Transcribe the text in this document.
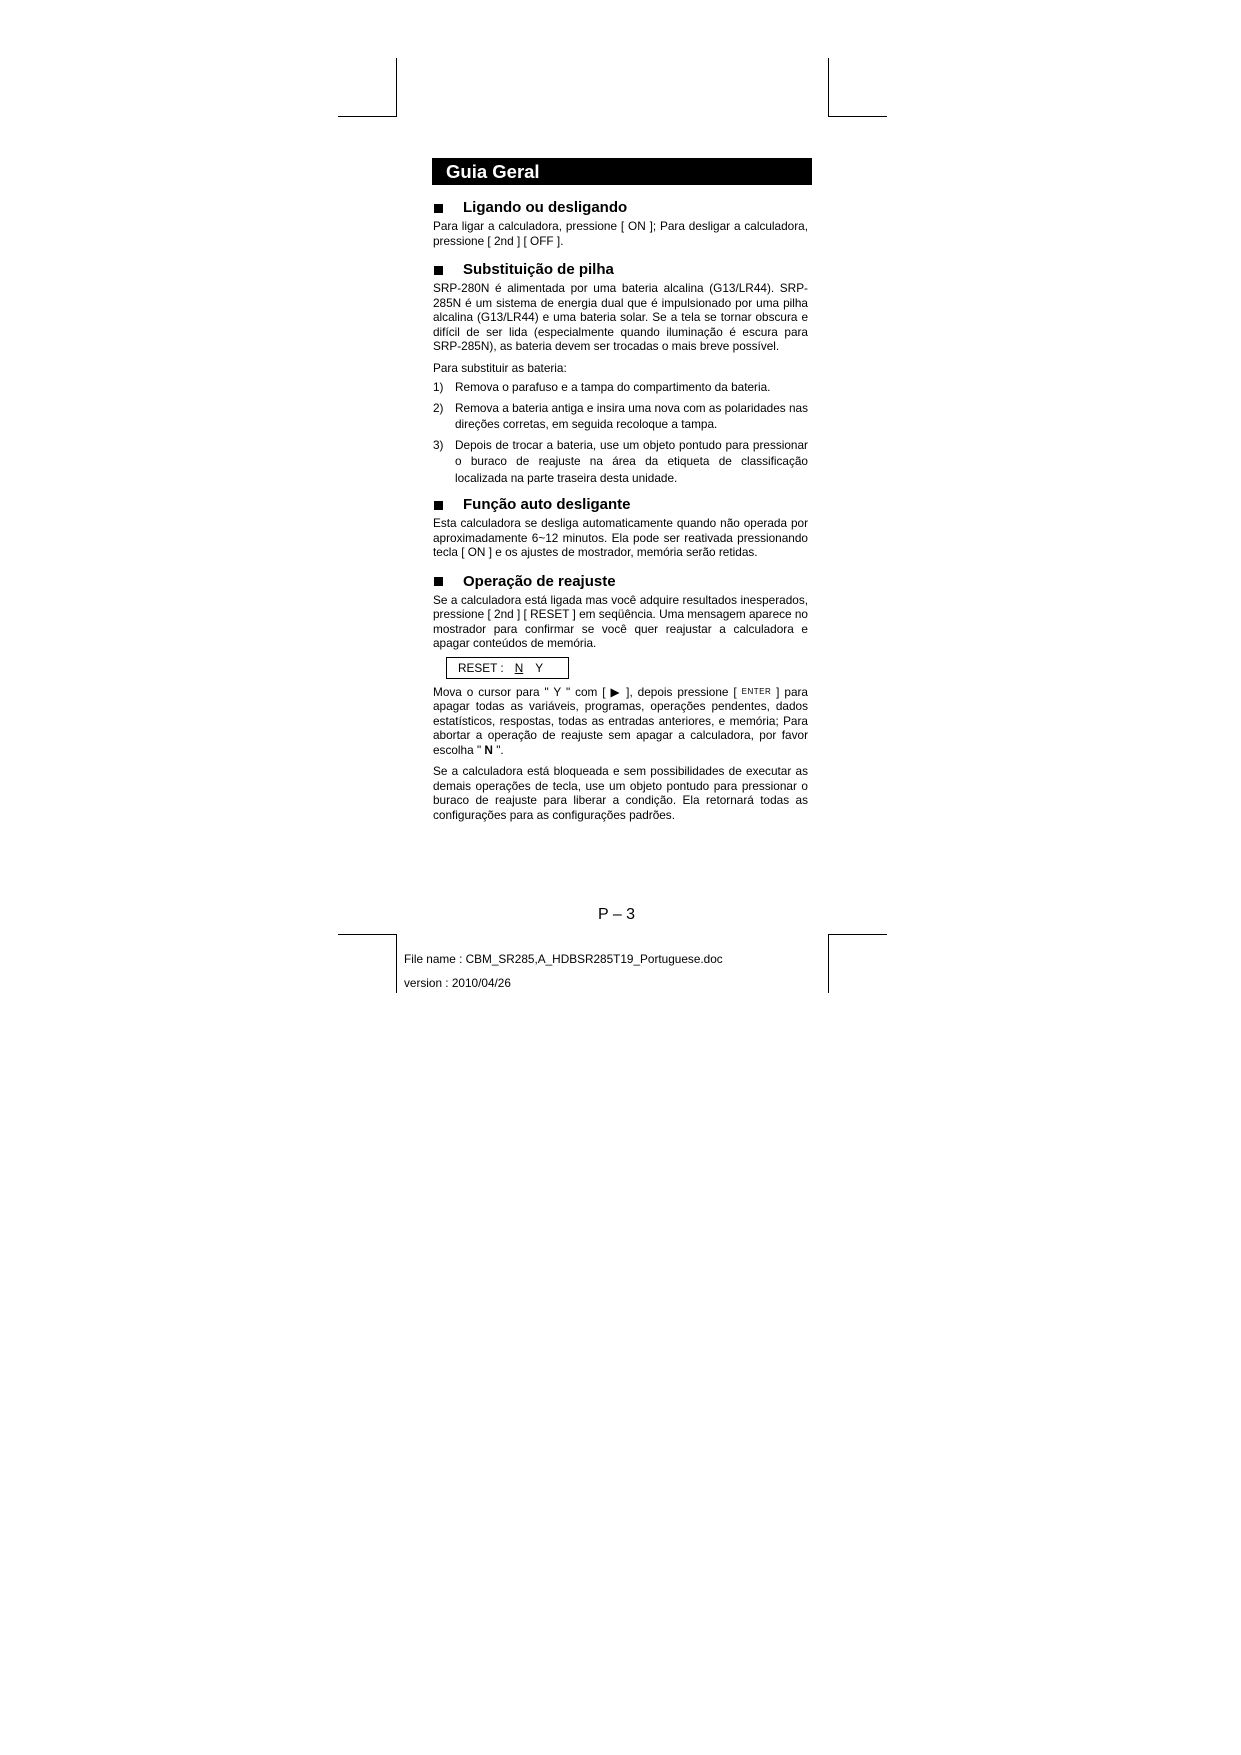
Guia Geral
Ligando ou desligando

Para ligar a calculadora, pressione [ ON ]; Para desligar a calculadora, pressione [ 2nd ] [ OFF ].

Substituição de pilha

SRP-280N é alimentada por uma bateria alcalina (G13/LR44). SRP-285N é um sistema de energia dual que é impulsionado por uma pilha alcalina (G13/LR44) e uma bateria solar. Se a tela se tornar obscura e difícil de ser lida (especialmente quando iluminação é escura para SRP-285N), as bateria devem ser trocadas o mais breve possível.

Para substituir as bateria:

1) Remova o parafuso e a tampa do compartimento da bateria.
2) Remova a bateria antiga e insira uma nova com as polaridades nas direções corretas, em seguida recoloque a tampa.
3) Depois de trocar a bateria, use um objeto pontudo para pressionar o buraco de reajuste na área da etiqueta de classificação localizada na parte traseira desta unidade.
Função auto desligante

Esta calculadora se desliga automaticamente quando não operada por aproximadamente 6~12 minutos. Ela pode ser reativada pressionando tecla [ ON ] e os ajustes de mostrador, memória serão retidas.

Operação de reajuste

Se a calculadora está ligada mas você adquire resultados inesperados, pressione [ 2nd ] [ RESET ] em seqüência. Uma mensagem aparece no mostrador para confirmar se você quer reajustar a calculadora e apagar conteúdos de memória.

RESET : N Y

Mova o cursor para " Y " com [ ▶ ], depois pressione [ ENTER ] para apagar todas as variáveis, programas, operações pendentes, dados estatísticos, respostas, todas as entradas anteriores, e memória; Para abortar a operação de reajuste sem apagar a calculadora, por favor escolha " N ".

Se a calculadora está bloqueada e sem possibilidades de executar as demais operações de tecla, use um objeto pontudo para pressionar o buraco de reajuste para liberar a condição. Ela retornará todas as configurações para as configurações padrões.

P – 3
File name : CBM_SR285,A_HDBSR285T19_Portuguese.doc
version : 2010/04/26
